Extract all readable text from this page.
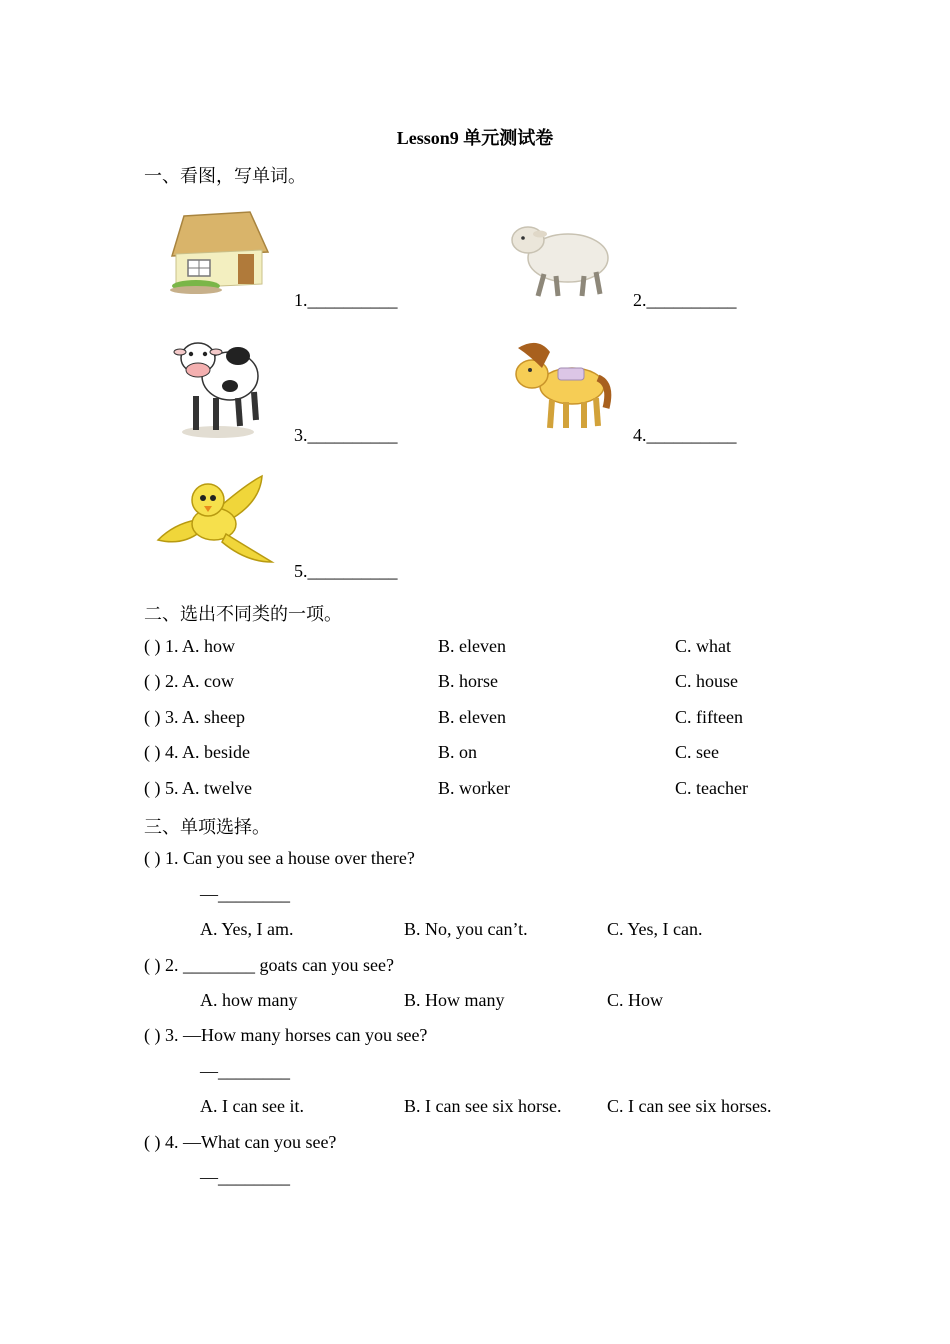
Lesson9 单元测试卷
一、看图，写单词。
1.__________	2.__________
3.__________	4.__________
5.__________
二、选出不同类的一项。
( ) 1. A. how	B. eleven	C. what
( ) 2. A. cow	B. horse	C. house
( ) 3. A. sheep	B. eleven	C. fifteen
( ) 4. A. beside	B. on	C. see
( ) 5. A. twelve	B. worker	C. teacher
三、单项选择。
( ) 1. Can you see a house over there?
—________
A. Yes, I am.	B. No, you can’t.	C. Yes, I can.
( ) 2. ________ goats can you see?
A. how many	B. How many	C. How
( ) 3. —How many horses can you see?
—________
A. I can see it.	B. I can see six horse.	C. I can see six horses.
( ) 4. —What can you see?
—________
